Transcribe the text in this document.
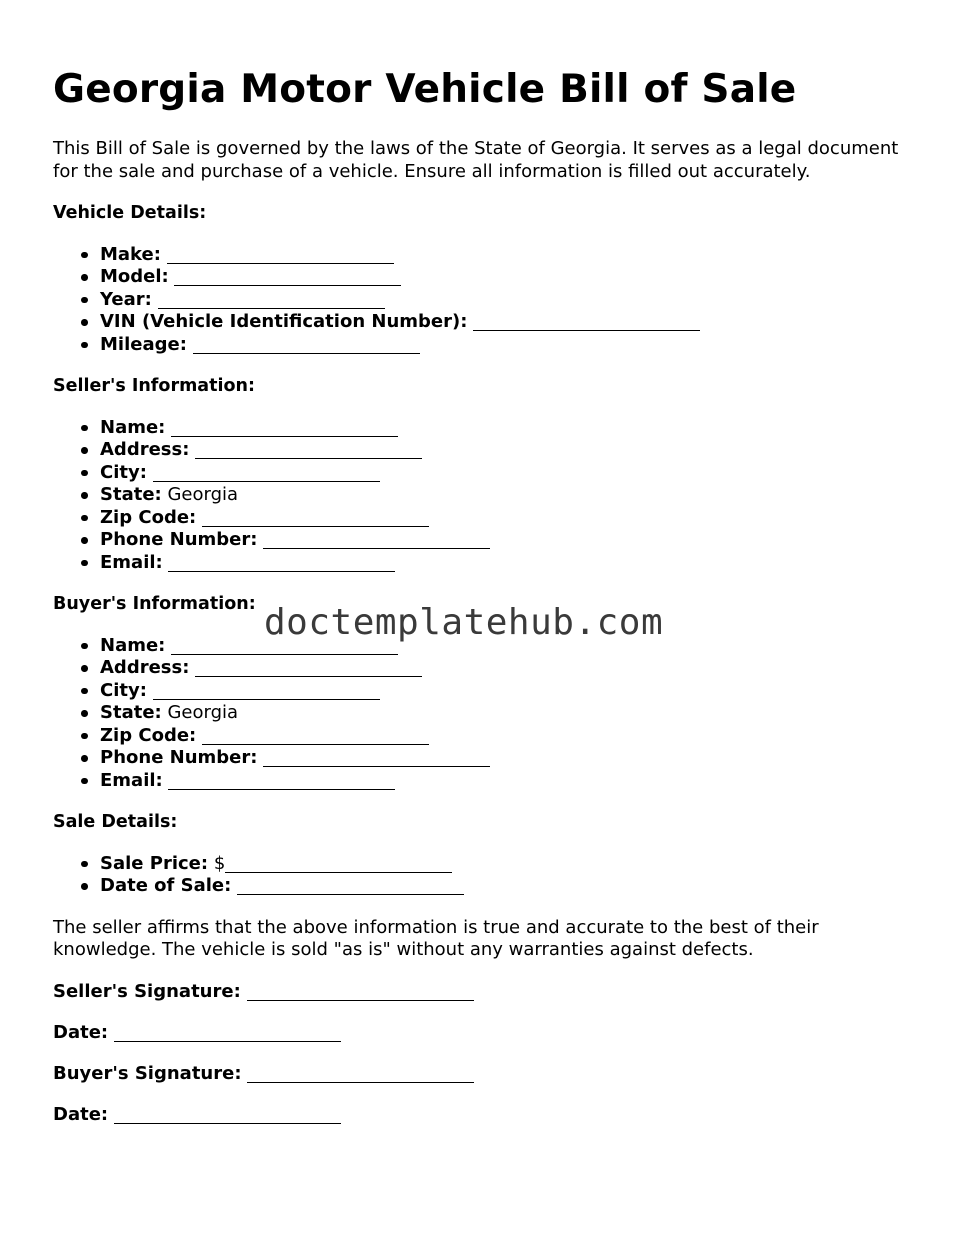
Georgia Motor Vehicle Bill of Sale

This Bill of Sale is governed by the laws of the State of Georgia. It serves as a legal document for the sale and purchase of a vehicle. Ensure all information is filled out accurately.

Vehicle Details:
Make:
Model:
Year:
VIN (Vehicle Identification Number):
Mileage:
Seller's Information:
Name:
Address:
City:
State: Georgia
Zip Code:
Phone Number:
Email:
Buyer's Information:
Name:
Address:
City:
State: Georgia
Zip Code:
Phone Number:
Email:
Sale Details:
Sale Price: $
Date of Sale:

The seller affirms that the above information is true and accurate to the best of their knowledge. The vehicle is sold "as is" without any warranties against defects.

Seller's Signature:
Date:
Buyer's Signature:
Date:
doctemplatehub.com
